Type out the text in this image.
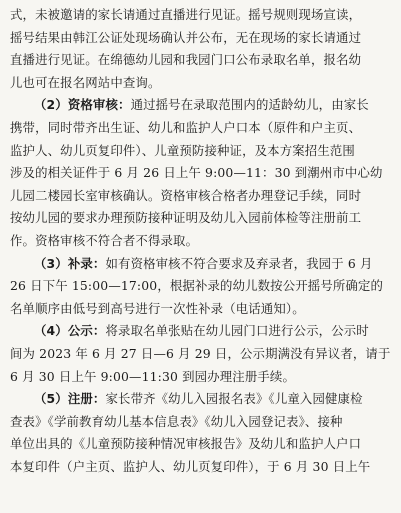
式，未被邀请的家长请通过直播进行见证。摇号规则现场宣读，
摇号结果由韩江公证处现场确认并公布，无在现场的家长请通过
直播进行见证。在绵德幼儿园和我园门口公布录取名单，报名幼
儿也可在报名网站中查询。
（2）资格审核：通过摇号在录取范围内的适龄幼儿，由家长
携带，同时带齐出生证、幼儿和监护人户口本（原件和户主页、
监护人、幼儿页复印件）、儿童预防接种证，及本方案招生范围
涉及的相关证件于 6 月 26 日上午 9:00—11：30 到潮州市中心幼
儿园二楼园长室审核确认。资格审核合格者办理登记手续，同时
按幼儿园的要求办理预防接种证明及幼儿入园前体检等注册前工
作。资格审核不符合者不得录取。
（3）补录：如有资格审核不符合要求及弃录者，我园于 6 月
26 日下午 15:00—17:00，根据补录的幼儿数按公开摇号所确定的
名单顺序由低号到高号进行一次性补录（电话通知）。
（4）公示：将录取名单张贴在幼儿园门口进行公示，公示时
间为 2023 年 6 月 27 日—6 月 29 日，公示期满没有异议者，请于
6 月 30 日上午 9:00—11:30 到园办理注册手续。
（5）注册：家长带齐《幼儿入园报名表》《儿童入园健康检
查表》《学前教育幼儿基本信息表》《幼儿入园登记表》、接种
单位出具的《儿童预防接种情况审核报告》及幼儿和监护人户口
本复印件（户主页、监护人、幼儿页复印件），于 6 月 30 日上午
